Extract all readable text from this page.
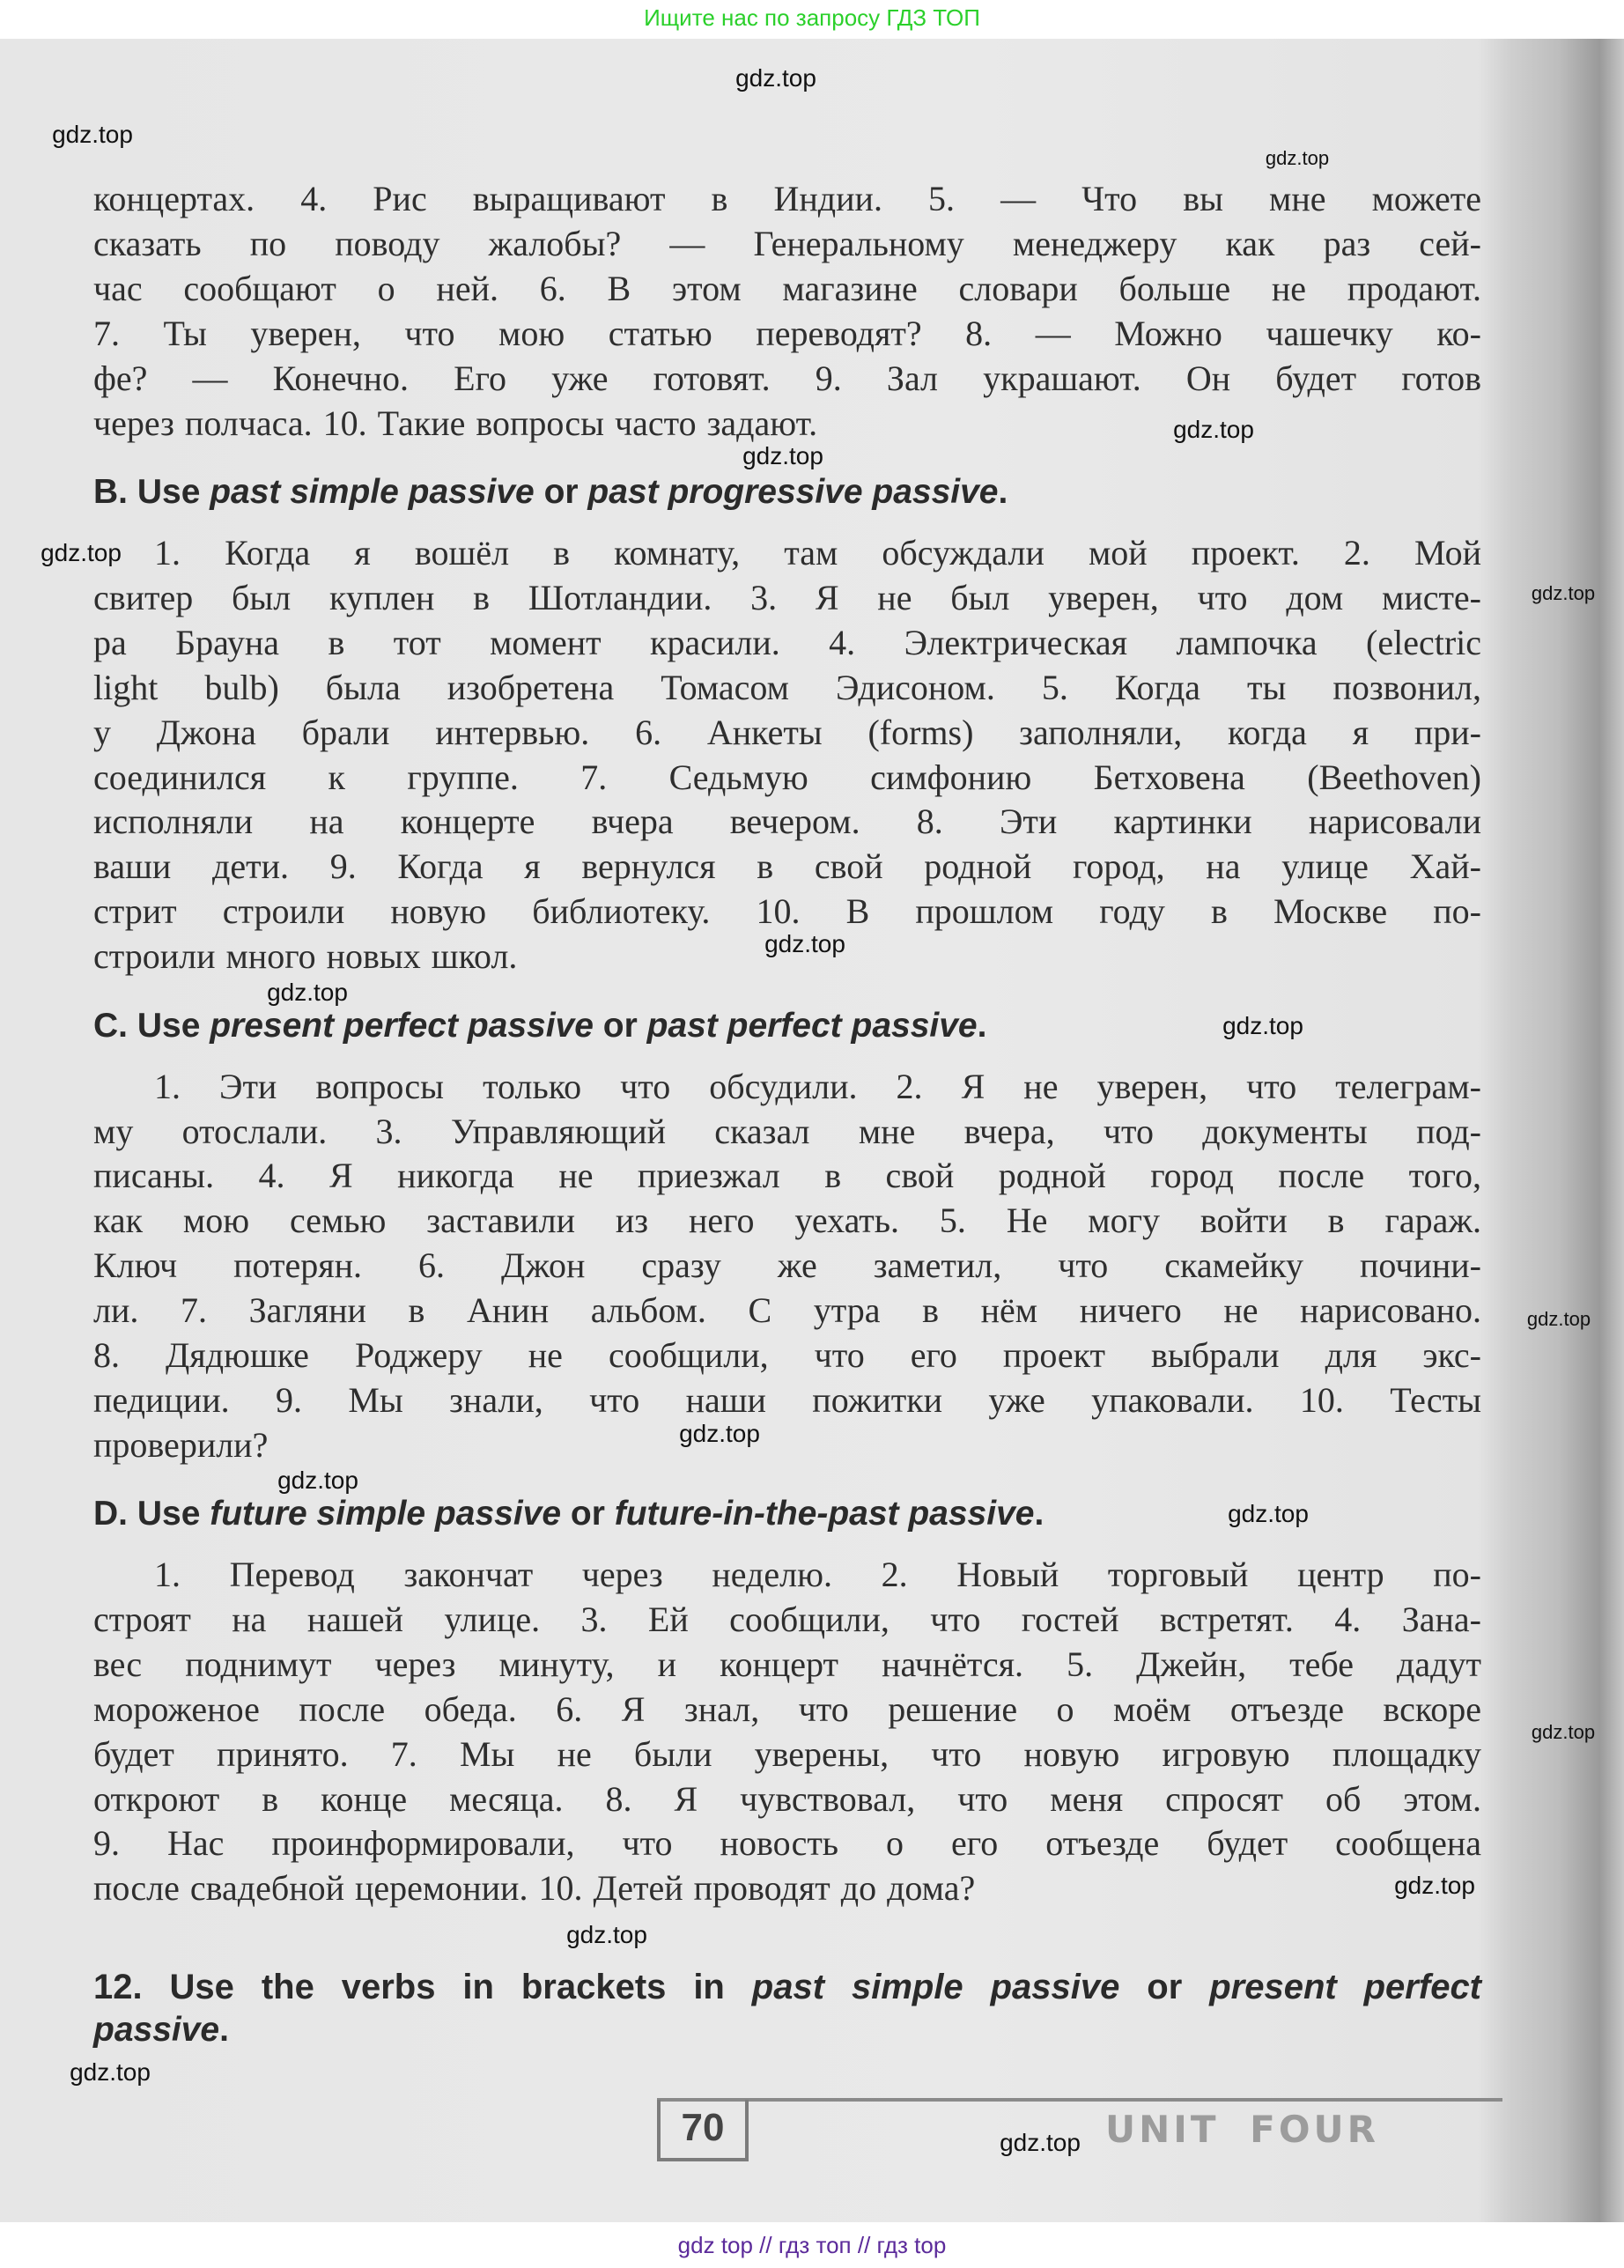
Ищите нас по запросу ГДЗ ТОП
концертах. 4. Рис выращивают в Индии. 5. — Что вы мне можете
сказать по поводу жалобы? — Генеральному менеджеру как раз сей-
час сообщают о ней. 6. В этом магазине словари больше не продают.
7. Ты уверен, что мою статью переводят? 8. — Можно чашечку ко-
фе? — Конечно. Его уже готовят. 9. Зал украшают. Он будет готов
через полчаса. 10. Такие вопросы часто задают.
B. Use past simple passive or past progressive passive.
1. Когда я вошёл в комнату, там обсуждали мой проект. 2. Мой
свитер был куплен в Шотландии. 3. Я не был уверен, что дом мисте-
ра Брауна в тот момент красили. 4. Электрическая лампочка (electric
light bulb) была изобретена Томасом Эдисоном. 5. Когда ты позвонил,
у Джона брали интервью. 6. Анкеты (forms) заполняли, когда я при-
соединился к группе. 7. Седьмую симфонию Бетховена (Beethoven)
исполняли на концерте вчера вечером. 8. Эти картинки нарисовали
ваши дети. 9. Когда я вернулся в свой родной город, на улице Хай-
стрит строили новую библиотеку. 10. В прошлом году в Москве по-
строили много новых школ.
C. Use present perfect passive or past perfect passive.
1. Эти вопросы только что обсудили. 2. Я не уверен, что телеграм-
му отослали. 3. Управляющий сказал мне вчера, что документы под-
писаны. 4. Я никогда не приезжал в свой родной город после того,
как мою семью заставили из него уехать. 5. Не могу войти в гараж.
Ключ потерян. 6. Джон сразу же заметил, что скамейку почини-
ли. 7. Загляни в Анин альбом. С утра в нём ничего не нарисовано.
8. Дядюшке Роджеру не сообщили, что его проект выбрали для экс-
педиции. 9. Мы знали, что наши пожитки уже упаковали. 10. Тесты
проверили?
D. Use future simple passive or future-in-the-past passive.
1. Перевод закончат через неделю. 2. Новый торговый центр по-
строят на нашей улице. 3. Ей сообщили, что гостей встретят. 4. Зана-
вес поднимут через минуту, и концерт начнётся. 5. Джейн, тебе дадут
мороженое после обеда. 6. Я знал, что решение о моём отъезде вскоре
будет принято. 7. Мы не были уверены, что новую игровую площадку
откроют в конце месяца. 8. Я чувствовал, что меня спросят об этом.
9. Нас проинформировали, что новость о его отъезде будет сообщена
после свадебной церемонии. 10. Детей проводят до дома?
12. Use the verbs in brackets in past simple passive or present perfect
passive.
70	UNIT FOUR
gdz top // гдз топ // гдз top
gdz.top
gdz.top
gdz.top
gdz.top
gdz.top
gdz.top
gdz.top
gdz.top
gdz.top
gdz.top
gdz.top
gdz.top
gdz.top
gdz.top
gdz.top
gdz.top
gdz.top
gdz.top
gdz.top
